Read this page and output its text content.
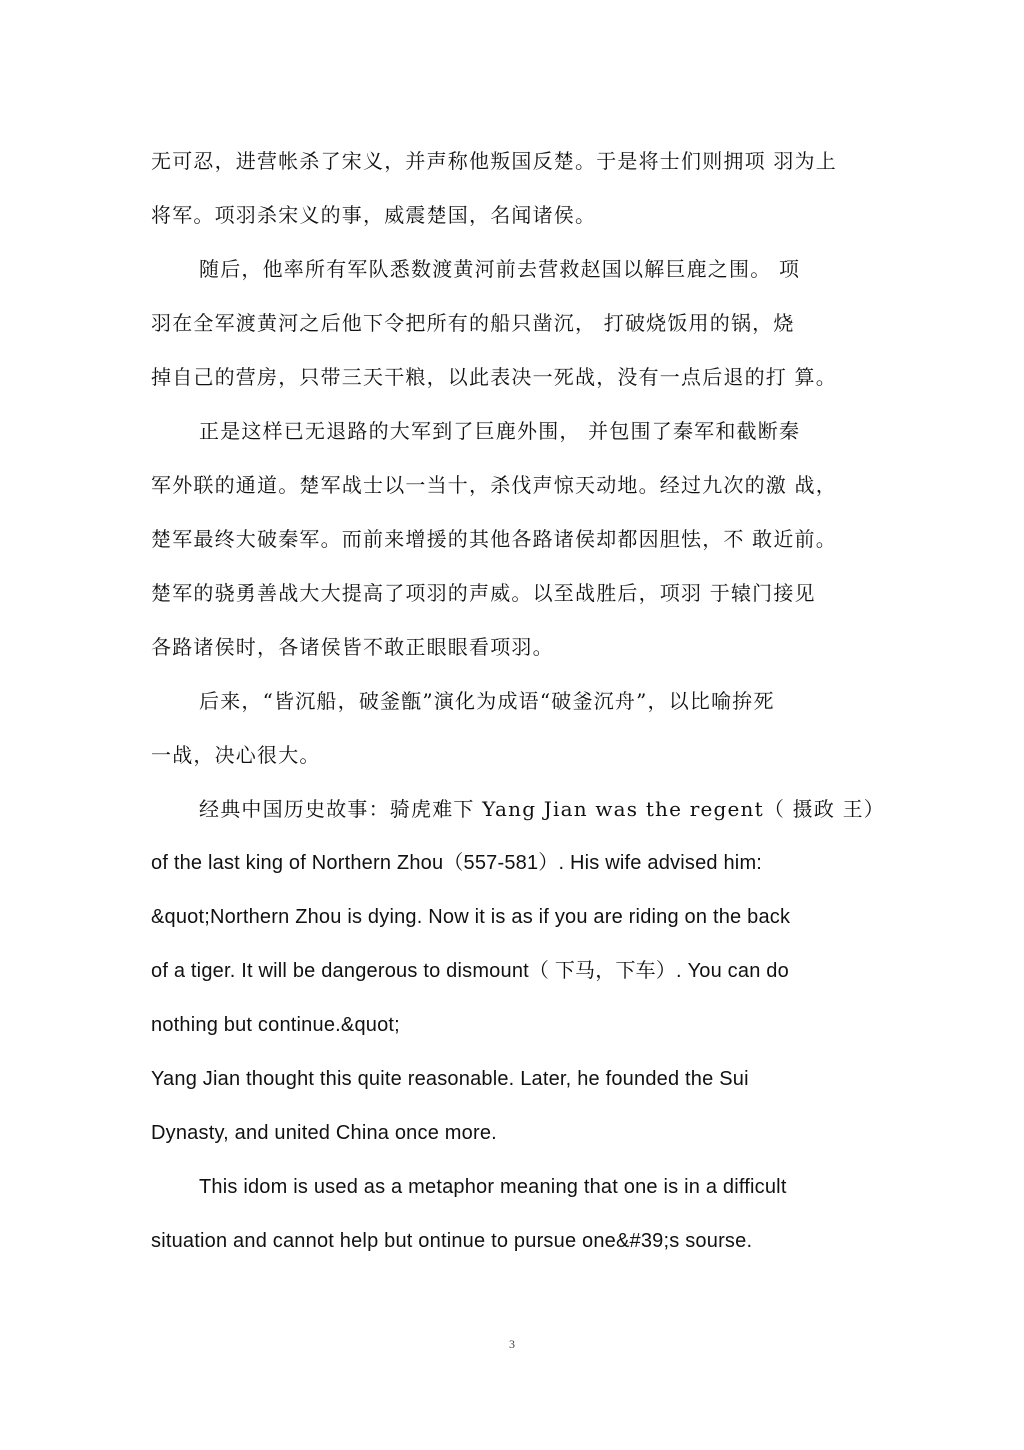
无可忍，进营帐杀了宋义，并声称他叛国反楚。于是将士们则拥项 羽为上
将军。项羽杀宋义的事，威震楚国，名闻诸侯。
随后，他率所有军队悉数渡黄河前去营救赵国以解巨鹿之围。 项
羽在全军渡黄河之后他下令把所有的船只凿沉， 打破烧饭用的锅，烧
掉自己的营房，只带三天干粮，以此表决一死战，没有一点后退的打 算。
正是这样已无退路的大军到了巨鹿外围， 并包围了秦军和截断秦
军外联的通道。楚军战士以一当十，杀伐声惊天动地。经过九次的激 战，
楚军最终大破秦军。而前来增援的其他各路诸侯却都因胆怯，不 敢近前。
楚军的骁勇善战大大提高了项羽的声威。以至战胜后，项羽 于辕门接见
各路诸侯时，各诸侯皆不敢正眼眼看项羽。
后来，“皆沉船，破釜甑”演化为成语“破釜沉舟”，以比喻拚死
一战，决心很大。
经典中国历史故事：骑虎难下 Yang Jian was the regent（ 摄政 王）
of the last king of Northern Zhou（557-581）. His wife advised him:
&quot;Northern Zhou is dying. Now it is as if you are riding on the back
of a tiger. It will be dangerous to dismount（ 下马，下车）. You can do
nothing but continue.&quot;
Yang Jian thought this quite reasonable. Later, he founded the Sui
Dynasty, and united China once more.
This idom is used as a metaphor meaning that one is in a difficult
situation and cannot help but ontinue to pursue one&#39;s sourse.
3
